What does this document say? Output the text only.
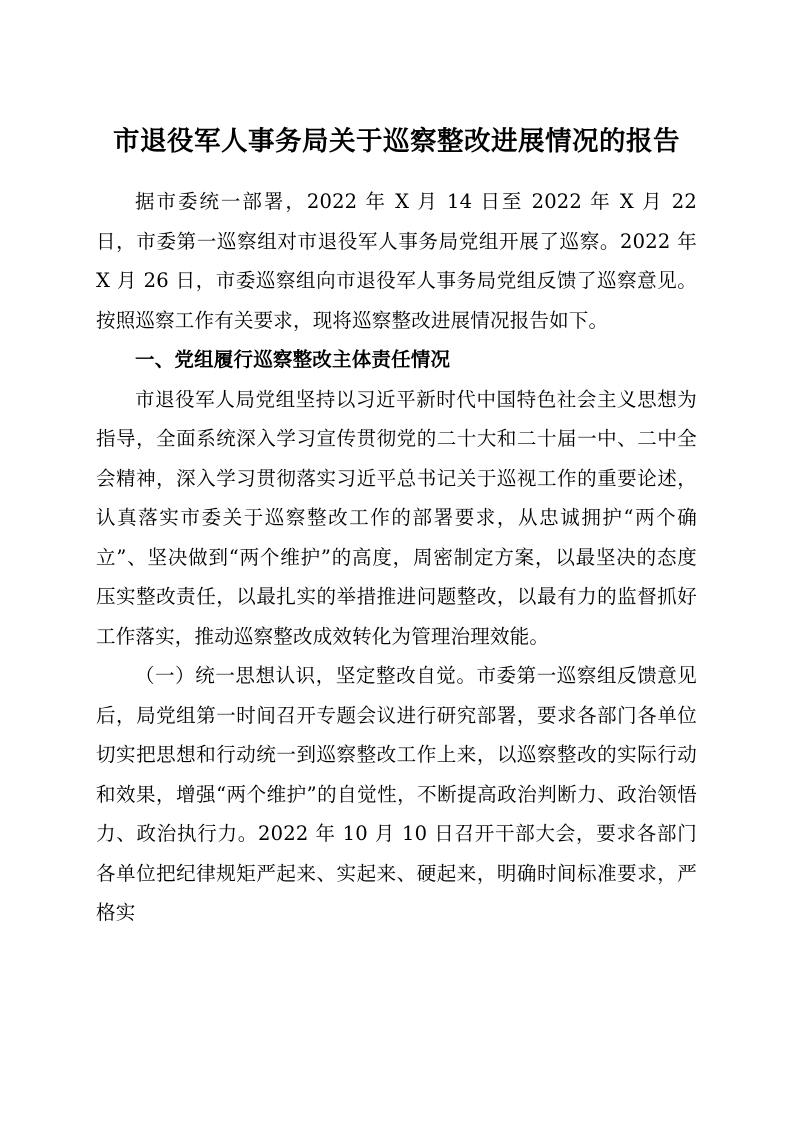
市退役军人事务局关于巡察整改进展情况的报告

据市委统一部署，2022 年 X 月 14 日至 2022 年 X 月 22 日，市委第一巡察组对市退役军人事务局党组开展了巡察。2022 年 X 月 26 日，市委巡察组向市退役军人事务局党组反馈了巡察意见。按照巡察工作有关要求，现将巡察整改进展情况报告如下。

一、党组履行巡察整改主体责任情况

市退役军人局党组坚持以习近平新时代中国特色社会主义思想为指导，全面系统深入学习宣传贯彻党的二十大和二十届一中、二中全会精神，深入学习贯彻落实习近平总书记关于巡视工作的重要论述，认真落实市委关于巡察整改工作的部署要求，从忠诚拥护“两个确立”、坚决做到“两个维护”的高度，周密制定方案，以最坚决的态度压实整改责任，以最扎实的举措推进问题整改，以最有力的监督抓好工作落实，推动巡察整改成效转化为管理治理效能。

（一）统一思想认识，坚定整改自觉。市委第一巡察组反馈意见后，局党组第一时间召开专题会议进行研究部署，要求各部门各单位切实把思想和行动统一到巡察整改工作上来，以巡察整改的实际行动和效果，增强“两个维护”的自觉性，不断提高政治判断力、政治领悟力、政治执行力。2022 年 10 月 10 日召开干部大会，要求各部门各单位把纪律规矩严起来、实起来、硬起来，明确时间标准要求，严格实
